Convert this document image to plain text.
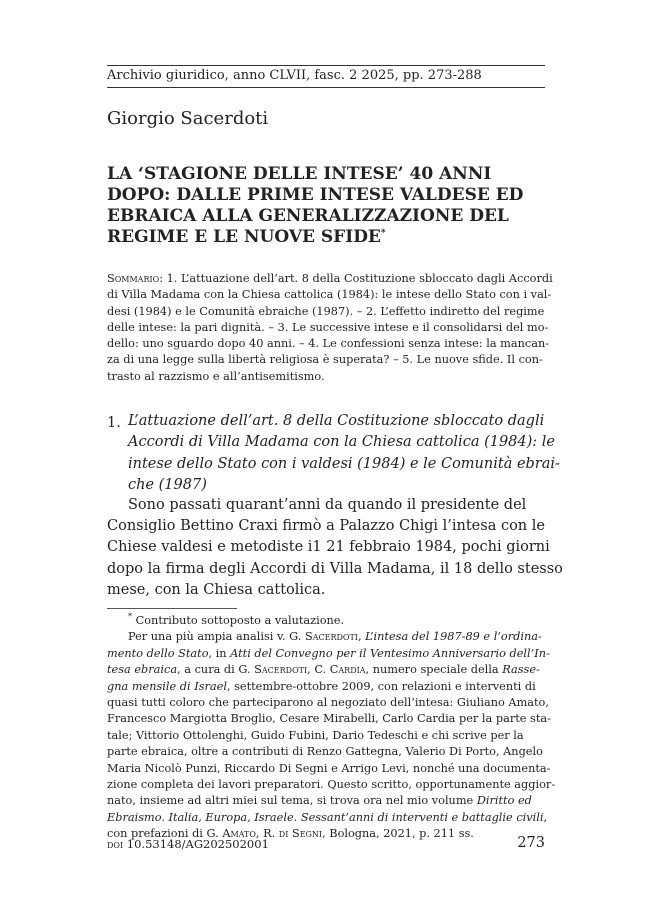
Archivio giuridico, anno CLVII, fasc. 2 2025, pp. 273-288
Giorgio Sacerdoti
LA ‘STAGIONE DELLE INTESE’ 40 ANNI
DOPO: DALLE PRIME INTESE VALDESE ED
EBRAICA ALLA GENERALIZZAZIONE DEL
REGIME E LE NUOVE SFIDE*
Sommario: 1. L’attuazione dell’art. 8 della Costituzione sbloccato dagli Accordi
di Villa Madama con la Chiesa cattolica (1984): le intese dello Stato con i val-
desi (1984) e le Comunità ebraiche (1987). – 2. L’effetto indiretto del regime
delle intese: la pari dignità. – 3. Le successive intese e il consolidarsi del mo-
dello: uno sguardo dopo 40 anni. – 4. Le confessioni senza intese: la mancan-
za di una legge sulla libertà religiosa è superata? – 5. Le nuove sfide. Il con-
trasto al razzismo e all’antisemitismo.
1. L’attuazione dell’art. 8 della Costituzione sbloccato dagli
Accordi di Villa Madama con la Chiesa cattolica (1984): le
intese dello Stato con i valdesi (1984) e le Comunità ebrai-
che (1987)
Sono passati quarant’anni da quando il presidente del
Consiglio Bettino Craxi firmò a Palazzo Chigi l’intesa con le
Chiese valdesi e metodiste i1 21 febbraio 1984, pochi giorni
dopo la firma degli Accordi di Villa Madama, il 18 dello stesso
mese, con la Chiesa cattolica.
* Contributo sottoposto a valutazione.
Per una più ampia analisi v. G. Sacerdoti, L’intesa del 1987-89 e l’ordina-
mento dello Stato, in Atti del Convegno per il Ventesimo Anniversario dell’In-
tesa ebraica, a cura di G. Sacerdoti, C. Cardia, numero speciale della Rasse-
gna mensile di Israel, settembre-ottobre 2009, con relazioni e interventi di
quasi tutti coloro che parteciparono al negoziato dell’intesa: Giuliano Amato,
Francesco Margiotta Broglio, Cesare Mirabelli, Carlo Cardia per la parte sta-
tale; Vittorio Ottolenghi, Guido Fubini, Dario Tedeschi e chi scrive per la
parte ebraica, oltre a contributi di Renzo Gattegna, Valerio Di Porto, Angelo
Maria Nicolò Punzi, Riccardo Di Segni e Arrigo Levi, nonché una documenta-
zione completa dei lavori preparatori. Questo scritto, opportunamente aggior-
nato, insieme ad altri miei sul tema, si trova ora nel mio volume Diritto ed
Ebraismo. Italia, Europa, Israele. Sessant’anni di interventi e battaglie civili,
con prefazioni di G. Amato, R. di Segni, Bologna, 2021, p. 211 ss.
doi 10.53148/AG202502001	273
